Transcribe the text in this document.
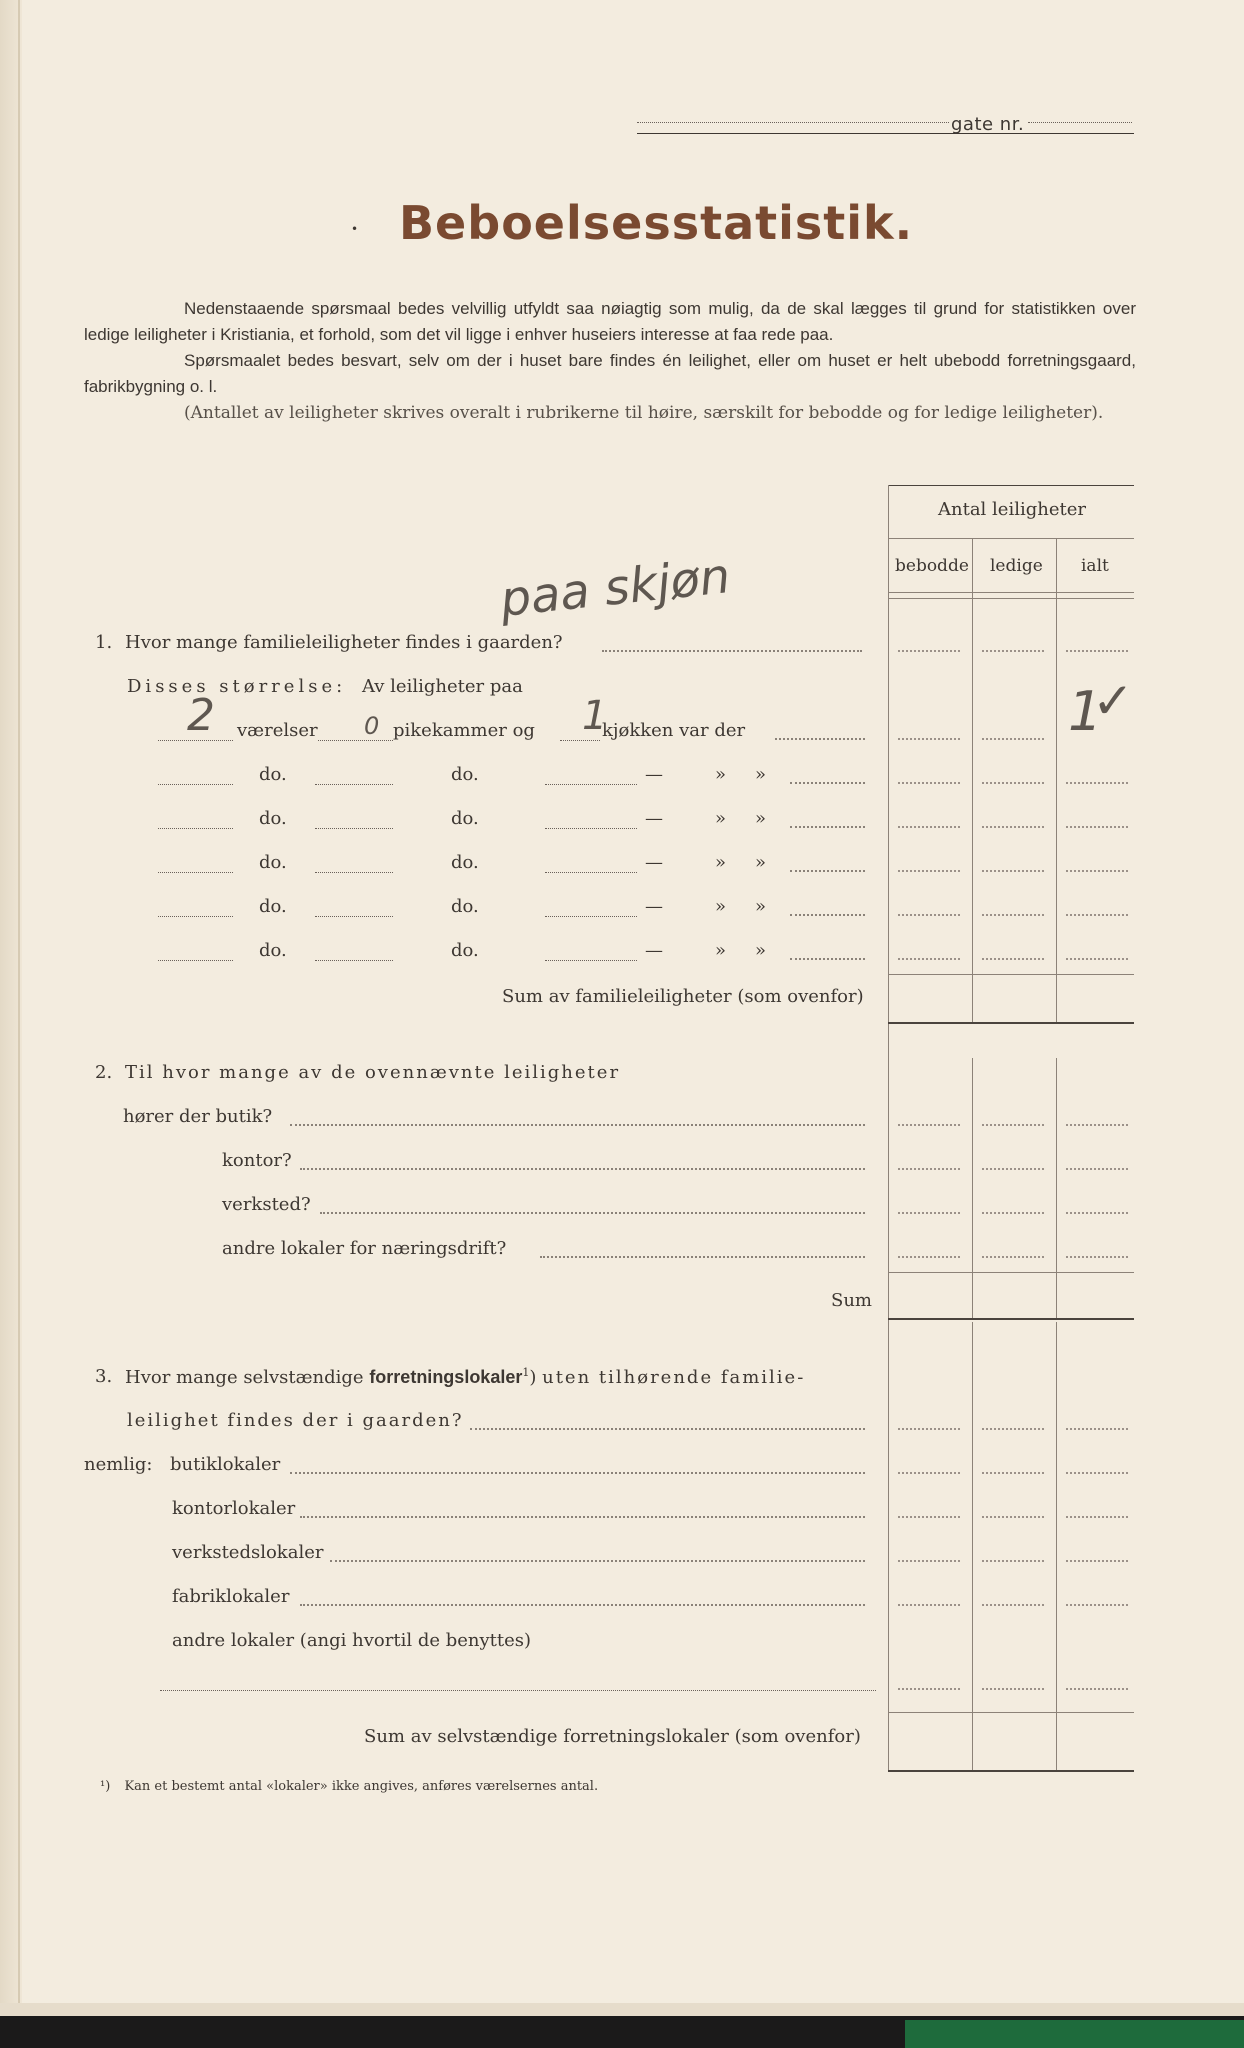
gate nr.
• Beboelsesstatistik.

Nedenstaaende spørsmaal bedes velvillig utfyldt saa nøiagtig som mulig, da de skal lægges til grund for statistikken over ledige leiligheter i Kristiania, et forhold, som det vil ligge i enhver huseiers interesse at faa rede paa.

Spørsmaalet bedes besvart, selv om der i huset bare findes én leilighet, eller om huset er helt ubebodd forretningsgaard, fabrikbygning o. l.

(Antallet av leiligheter skrives overalt i rubrikerne til høire, særskilt for bebodde og for ledige leiligheter).

Antal leiligheter
bebodde ledige ialt
paa skjøn
1. Hvor mange familieleiligheter findes i gaarden?
Disses størrelse: Av leiligheter paa
2 værelser 0 pikekammer og 1
kjøkken var der	1
✓
do.	do.	—	» »
do.	do.	—	» »
do.	do.	—	» »
do.	do.	—	» »
do.	do.	—	» »
Sum av familieleiligheter (som ovenfor)
2. Til hvor mange av de ovennævnte leiligheter
hører der butik?
kontor?
verksted?
andre lokaler for næringsdrift?
Sum
3. Hvor mange selvstændige forretningslokaler$^1$) uten tilhørende familie-
leilighet findes der i gaarden?
nemlig: butiklokaler
kontorlokaler
verkstedslokaler
fabriklokaler
andre lokaler (angi hvortil de benyttes)
Sum av selvstændige forretningslokaler (som ovenfor)
¹) Kan et bestemt antal «lokaler» ikke angives, anføres værelsernes antal.
